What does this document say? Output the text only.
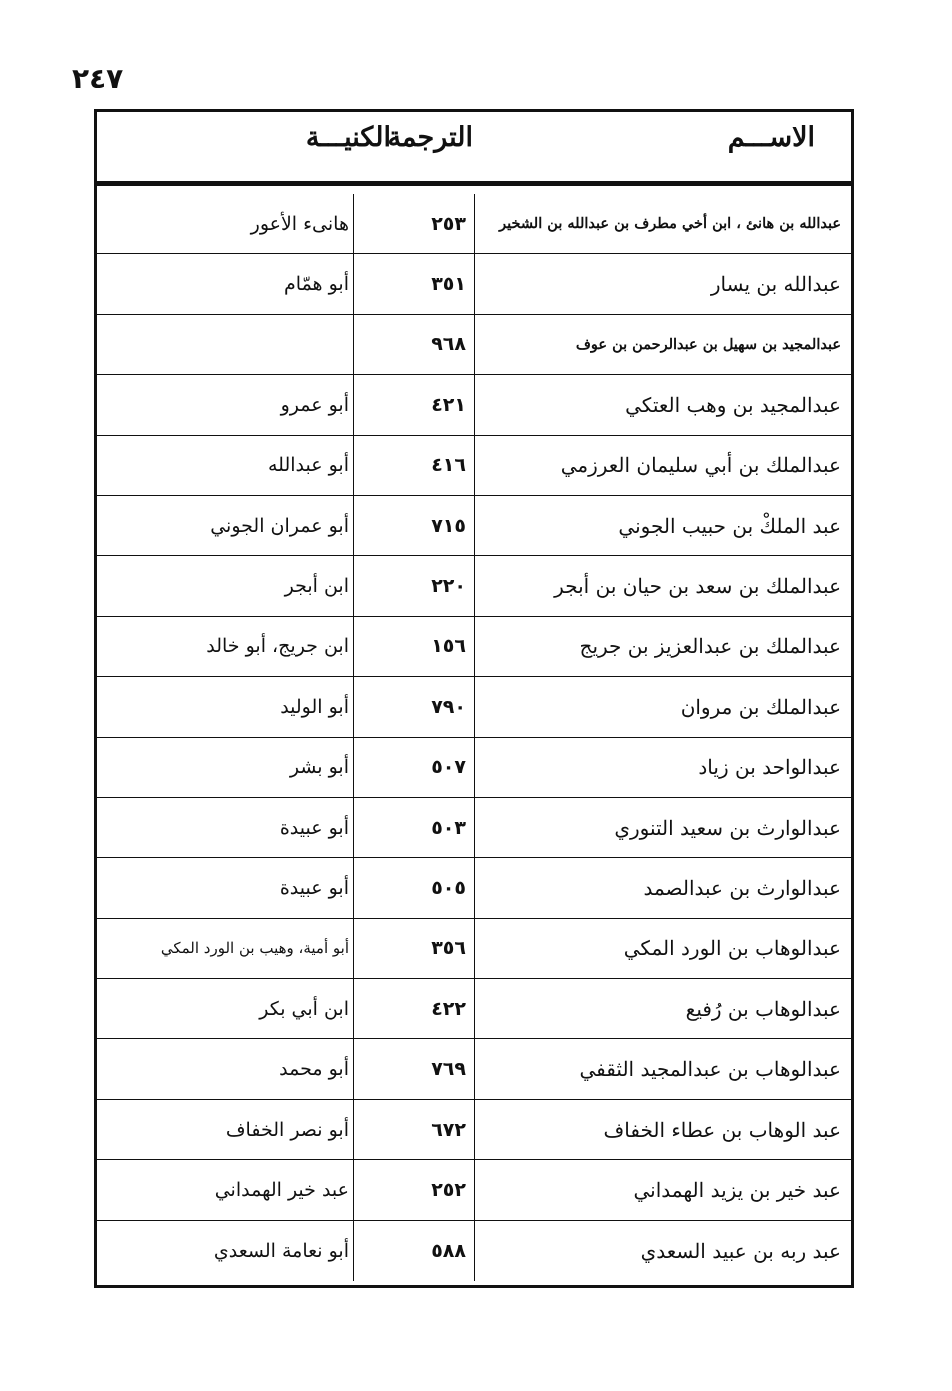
٢٤٧
الاســـم
الترجمة
الكنيـــة
عبدالله بن هانئ ، ابن أخي مطرف بن عبدالله بن الشخير
٢٥٣
هانىء الأعور
عبدالله بن يسار
٣٥١
أبو همّام
عبدالمجيد بن سهيل بن عبدالرحمن بن عوف
٩٦٨
عبدالمجيد بن وهب العتكي
٤٢١
أبو عمرو
عبدالملك بن أبي سليمان العرزمي
٤١٦
أبو عبدالله
عبد الملكْ بن حبيب الجوني
٧١٥
أبو عمران الجوني
عبدالملك بن سعد بن حيان بن أبجر
٢٢٠
ابن أبجر
عبدالملك بن عبدالعزيز بن جريج
١٥٦
ابن جريج، أبو خالد
عبدالملك بن مروان
٧٩٠
أبو الوليد
عبدالواحد بن زياد
٥٠٧
أبو بشر
عبدالوارث بن سعيد التنوري
٥٠٣
أبو عبيدة
عبدالوارث بن عبدالصمد
٥٠٥
أبو عبيدة
عبدالوهاب بن الورد المكي
٣٥٦
أبو أمية، وهيب بن الورد المكي
عبدالوهاب بن رُفيع
٤٢٢
ابن أبي بكر
عبدالوهاب بن عبدالمجيد الثقفي
٧٦٩
أبو محمد
عبد الوهاب بن عطاء الخفاف
٦٧٢
أبو نصر الخفاف
عبد خير بن يزيد الهمداني
٢٥٢
عبد خير الهمداني
عبد ربه بن عبيد السعدي
٥٨٨
أبو نعامة السعدي
